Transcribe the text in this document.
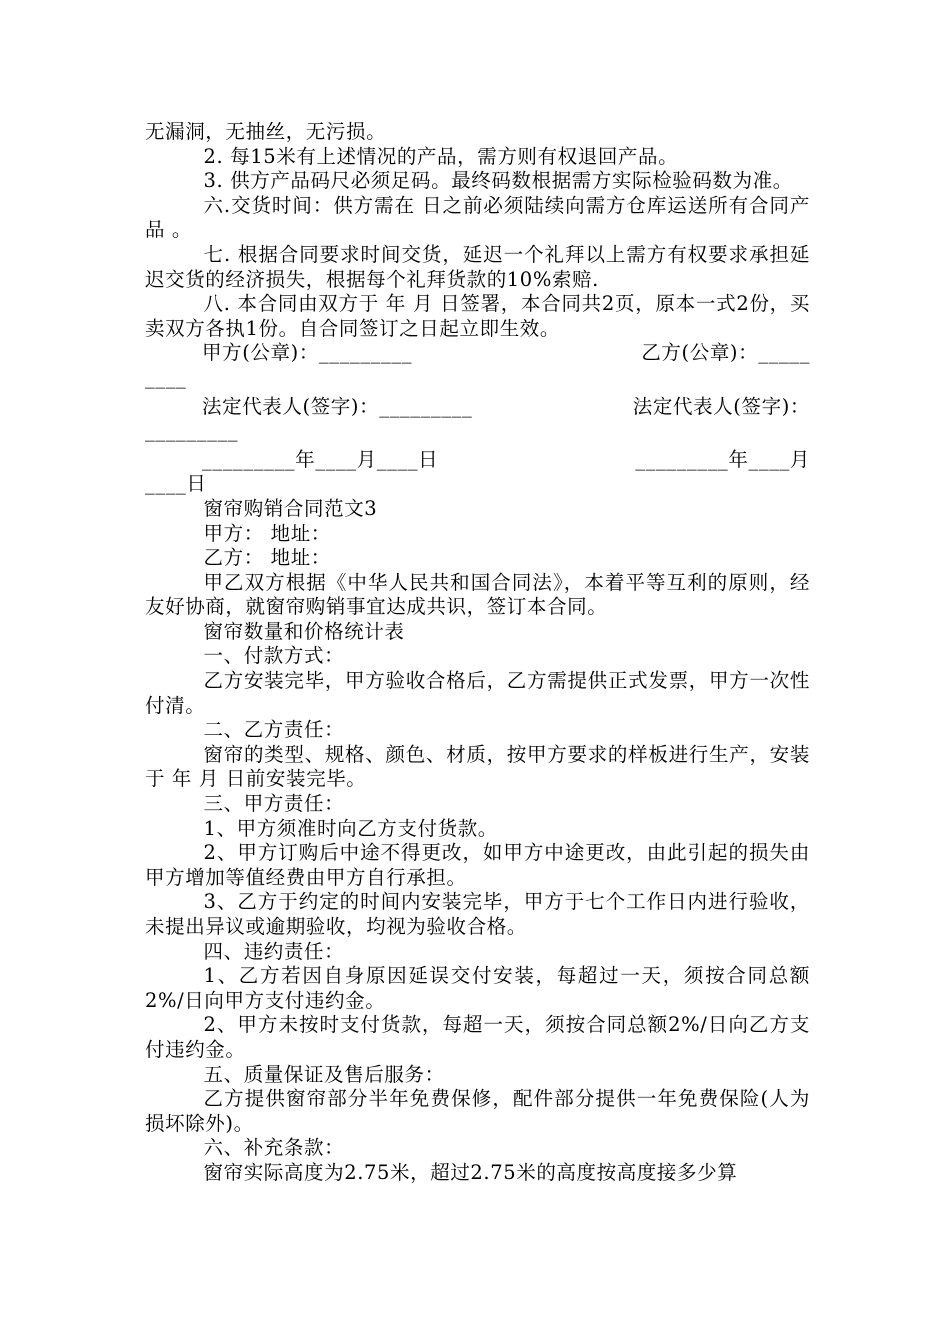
无漏洞，无抽丝，无污损。

2. 每15米有上述情况的产品，需方则有权退回产品。

3. 供方产品码尺必须足码。最终码数根据需方实际检验码数为准。

六.交货时间：供方需在 日之前必须陆续向需方仓库运送所有合同产品 。

七. 根据合同要求时间交货，延迟一个礼拜以上需方有权要求承担延迟交货的经济损失，根据每个礼拜货款的10%索赔.

八. 本合同由双方于 年 月 日签署，本合同共2页，原本一式2份，买卖双方各执1份。自合同签订之日起立即生效。

甲方(公章)：_________	乙方(公章)：_____

____

法定代表人(签字)：_________	法定代表人(签字)：

_________

_________年____月____日	_________年____月

____日

窗帘购销合同范文3

甲方： 地址：

乙方： 地址：

甲乙双方根据《中华人民共和国合同法》，本着平等互利的原则，经友好协商，就窗帘购销事宜达成共识，签订本合同。

窗帘数量和价格统计表

一、付款方式：

乙方安装完毕，甲方验收合格后，乙方需提供正式发票，甲方一次性付清。

二、乙方责任：

窗帘的类型、规格、颜色、材质，按甲方要求的样板进行生产，安装于 年 月 日前安装完毕。

三、甲方责任：

1、甲方须准时向乙方支付货款。

2、甲方订购后中途不得更改，如甲方中途更改，由此引起的损失由甲方增加等值经费由甲方自行承担。

3、乙方于约定的时间内安装完毕，甲方于七个工作日内进行验收，未提出异议或逾期验收，均视为验收合格。

四、违约责任：

1、乙方若因自身原因延误交付安装，每超过一天，须按合同总额2%/日向甲方支付违约金。

2、甲方未按时支付货款，每超一天，须按合同总额2%/日向乙方支付违约金。

五、质量保证及售后服务：

乙方提供窗帘部分半年免费保修，配件部分提供一年免费保险(人为损坏除外)。

六、补充条款：

窗帘实际高度为2.75米，超过2.75米的高度按高度接多少算
